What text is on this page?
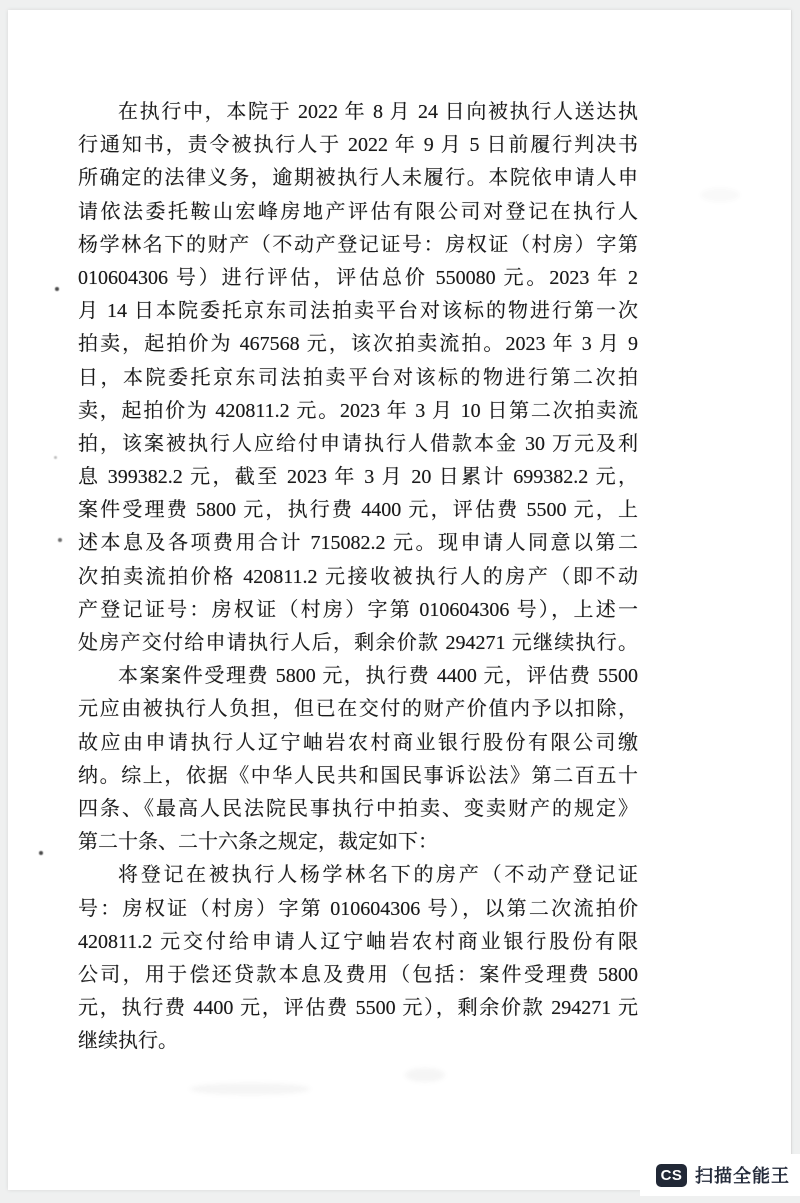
在执行中，本院于 2022 年 8 月 24 日向被执行人送达执
行通知书，责令被执行人于 2022 年 9 月 5 日前履行判决书
所确定的法律义务，逾期被执行人未履行。本院依申请人申
请依法委托鞍山宏峰房地产评估有限公司对登记在执行人
杨学林名下的财产（不动产登记证号：房权证（村房）字第
010604306 号）进行评估，评估总价 550080 元。2023 年 2
月 14 日本院委托京东司法拍卖平台对该标的物进行第一次
拍卖，起拍价为 467568 元，该次拍卖流拍。2023 年 3 月 9
日，本院委托京东司法拍卖平台对该标的物进行第二次拍
卖，起拍价为 420811.2 元。2023 年 3 月 10 日第二次拍卖流
拍，该案被执行人应给付申请执行人借款本金 30 万元及利
息 399382.2 元，截至 2023 年 3 月 20 日累计 699382.2 元，
案件受理费 5800 元，执行费 4400 元，评估费 5500 元，上
述本息及各项费用合计 715082.2 元。现申请人同意以第二
次拍卖流拍价格 420811.2 元接收被执行人的房产（即不动
产登记证号：房权证（村房）字第 010604306 号），上述一
处房产交付给申请执行人后，剩余价款 294271 元继续执行。
本案案件受理费 5800 元，执行费 4400 元，评估费 5500
元应由被执行人负担，但已在交付的财产价值内予以扣除，
故应由申请执行人辽宁岫岩农村商业银行股份有限公司缴
纳。综上，依据《中华人民共和国民事诉讼法》第二百五十
四条、《最高人民法院民事执行中拍卖、变卖财产的规定》
第二十条、二十六条之规定，裁定如下：
将登记在被执行人杨学林名下的房产（不动产登记证
号：房权证（村房）字第 010604306 号），以第二次流拍价
420811.2 元交付给申请人辽宁岫岩农村商业银行股份有限
公司，用于偿还贷款本息及费用（包括：案件受理费 5800
元，执行费 4400 元，评估费 5500 元），剩余价款 294271 元
继续执行。
CS 扫描全能王
